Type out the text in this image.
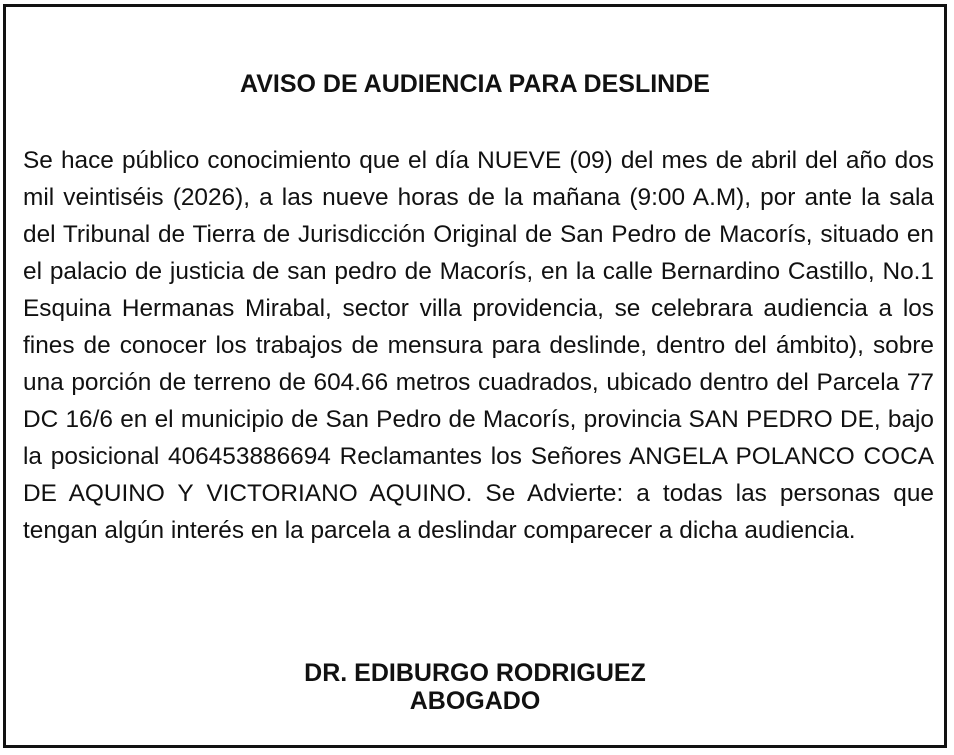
AVISO DE AUDIENCIA PARA DESLINDE

Se hace público conocimiento que el día NUEVE (09) del mes de abril del año dos mil veintiséis (2026), a las nueve horas de la mañana (9:00 A.M), por ante la sala del Tribunal de Tierra de Jurisdicción Original de San Pedro de Macorís, situado en el palacio de justicia de san pedro de Macorís, en la calle Bernardino Castillo, No.1 Esquina Hermanas Mirabal, sector villa providencia, se celebrara audiencia a los fines de conocer los trabajos de mensura para deslinde, dentro del ámbito), sobre una porción de terreno de 604.66 metros cuadrados, ubicado dentro del Parcela 77 DC 16/6 en el municipio de San Pedro de Macorís, provincia SAN PEDRO DE, bajo la posicional 406453886694 Reclamantes los Señores ANGELA POLANCO COCA DE AQUINO Y VICTORIANO AQUINO. Se Advierte: a todas las personas que tengan algún interés en la parcela a deslindar comparecer a dicha audiencia.

DR. EDIBURGO RODRIGUEZ
ABOGADO
